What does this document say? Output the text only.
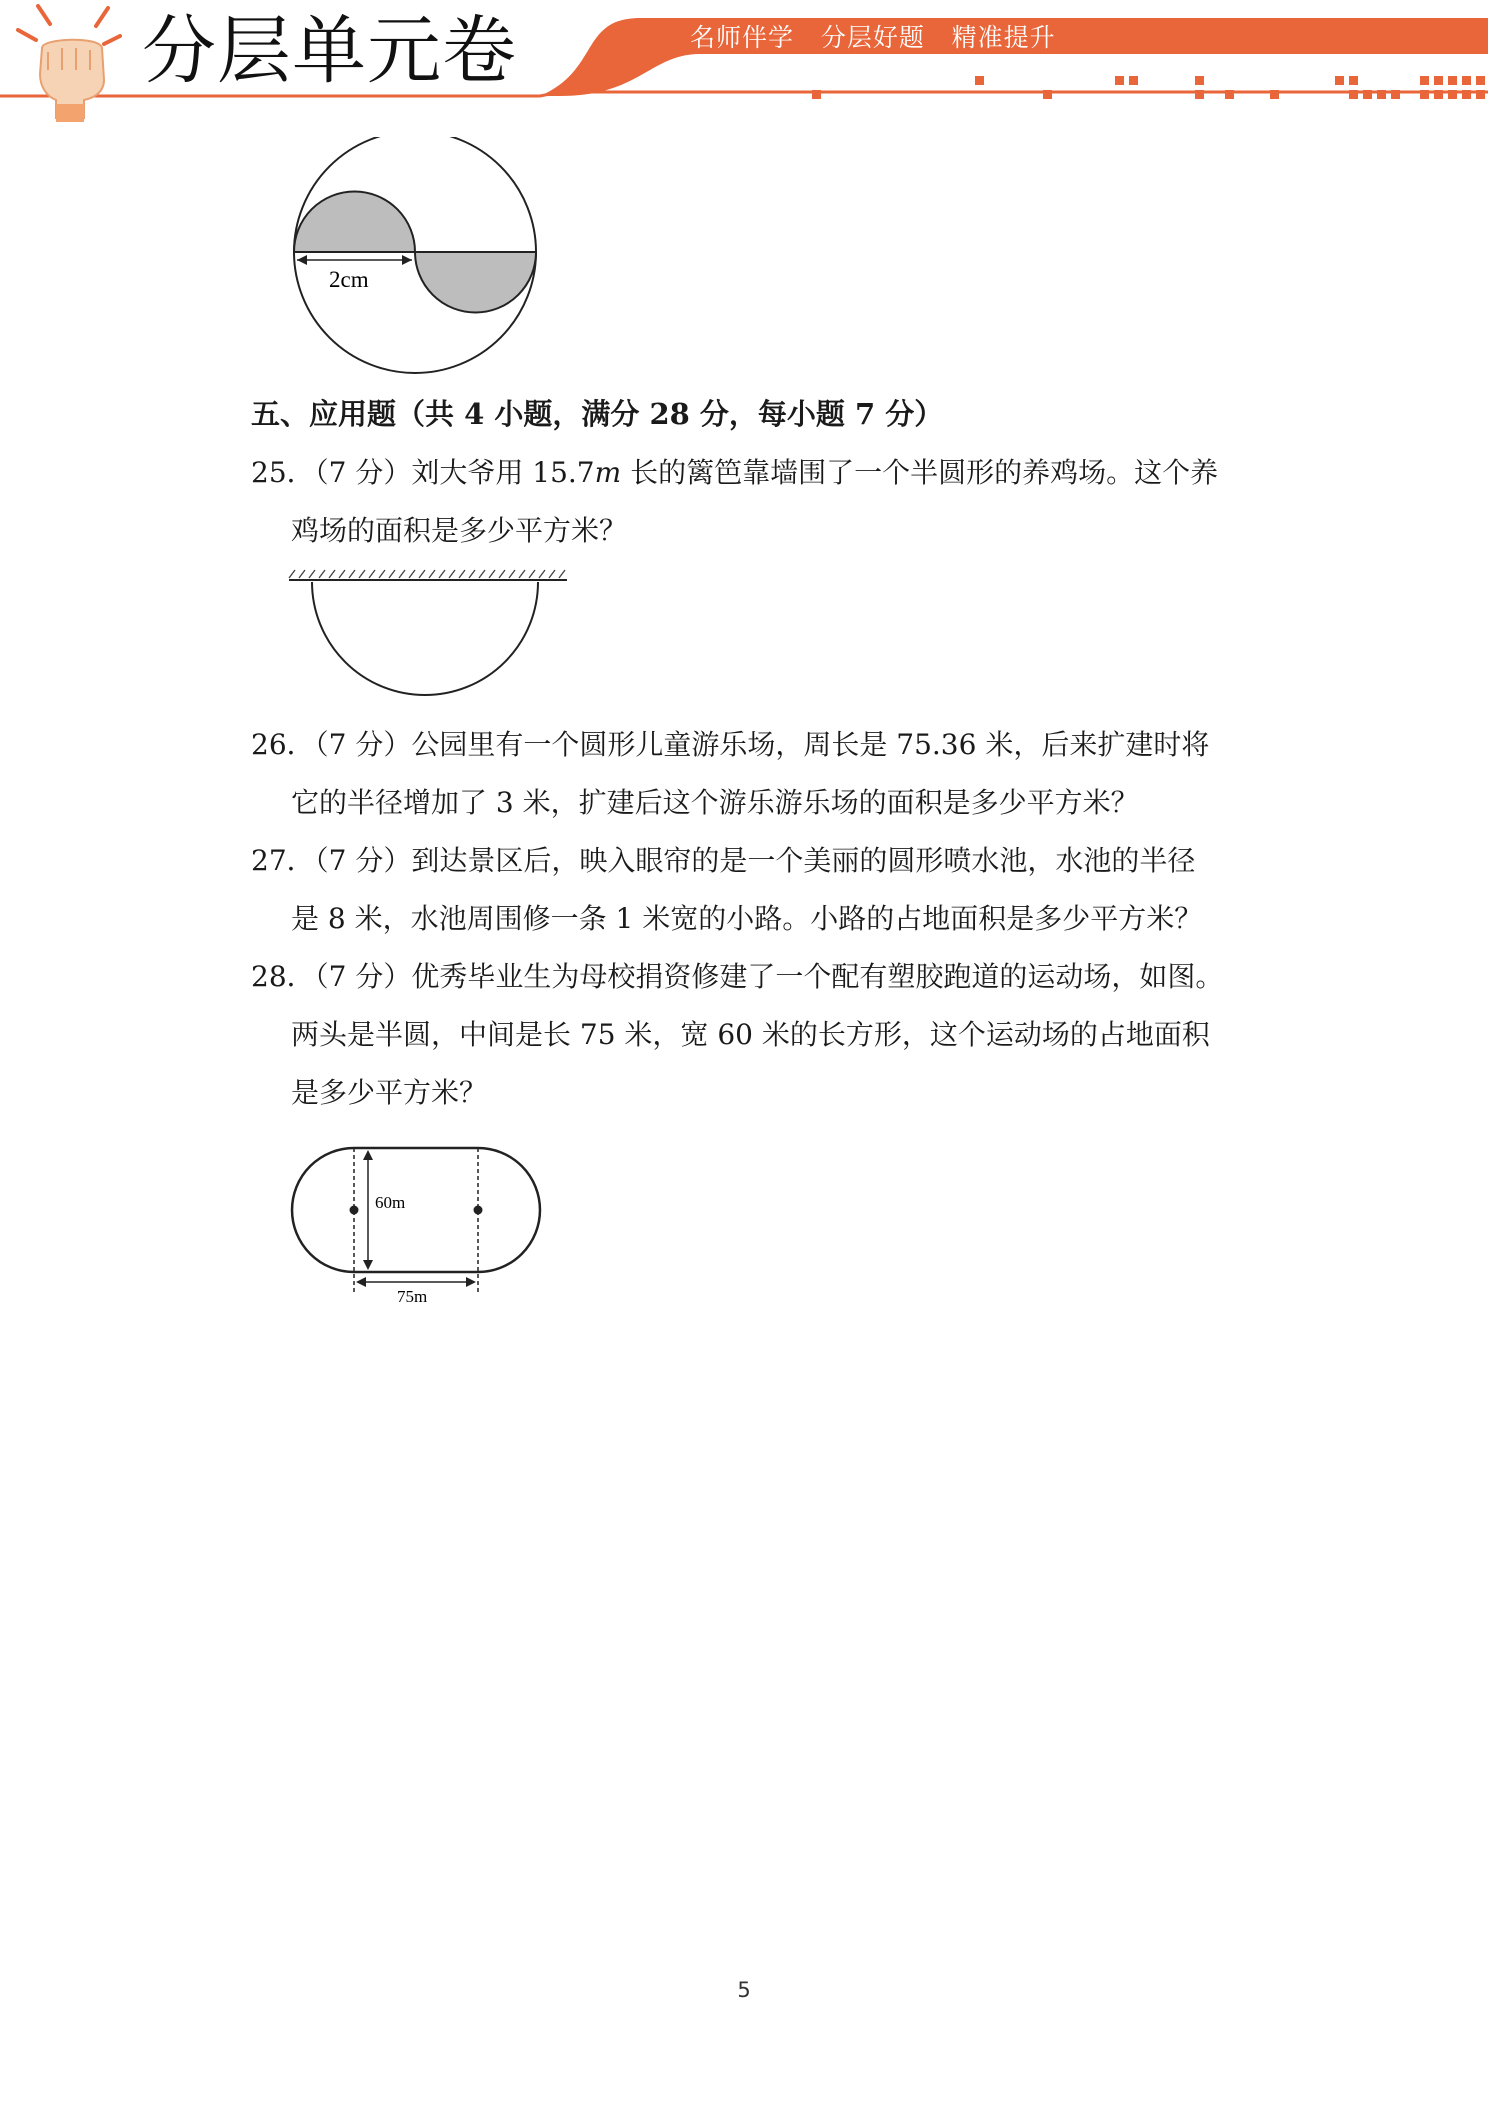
分层单元卷	名师伴学   分层好题   精准提升
2cm
五、应用题（共 4 小题，满分 28 分，每小题 7 分）
25．（7 分）刘大爷用 15.7m 长的篱笆靠墙围了一个半圆形的养鸡场。这个养
鸡场的面积是多少平方米？
26．（7 分）公园里有一个圆形儿童游乐场，周长是 75.36 米，后来扩建时将
它的半径增加了 3 米，扩建后这个游乐游乐场的面积是多少平方米？
27．（7 分）到达景区后，映入眼帘的是一个美丽的圆形喷水池，水池的半径
是 8 米，水池周围修一条 1 米宽的小路。小路的占地面积是多少平方米？
28．（7 分）优秀毕业生为母校捐资修建了一个配有塑胶跑道的运动场，如图。
两头是半圆，中间是长 75 米，宽 60 米的长方形，这个运动场的占地面积
是多少平方米？
60m
75m
5
